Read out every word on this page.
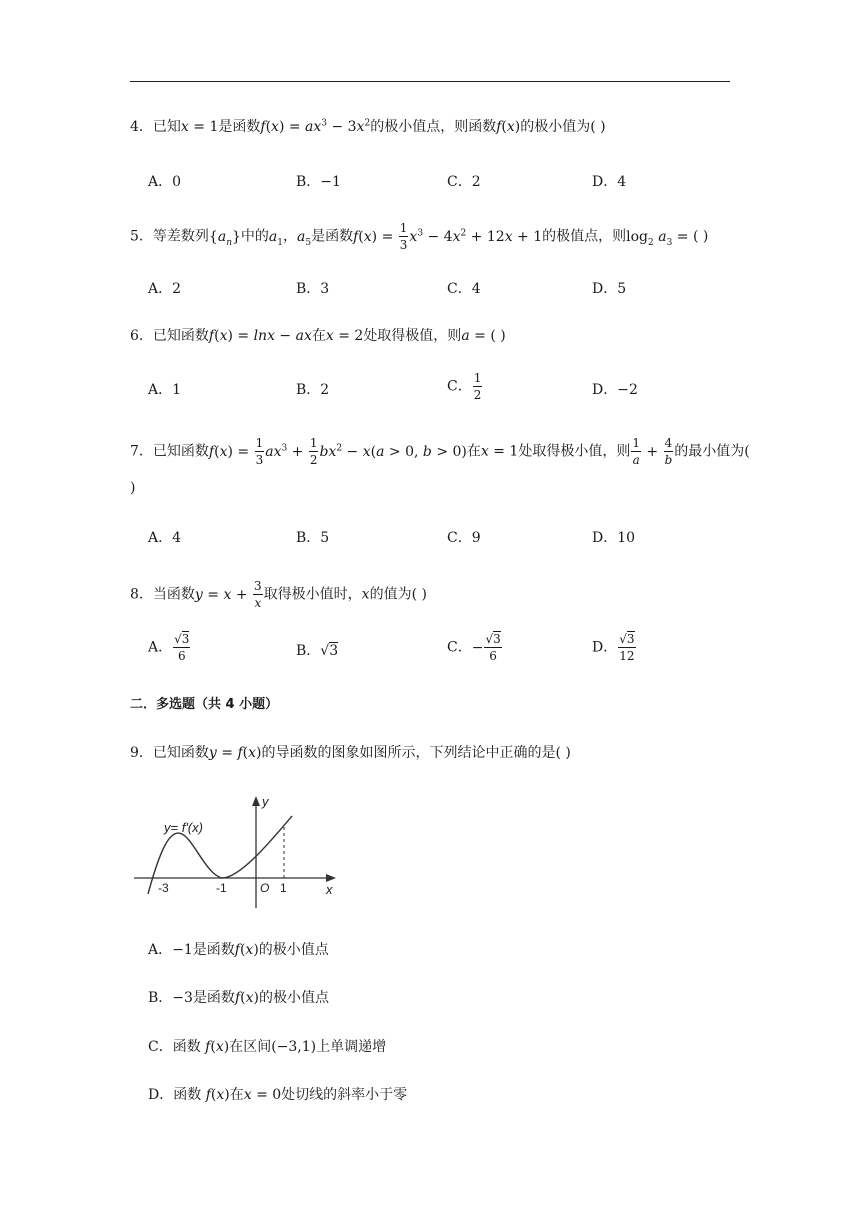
4．已知x = 1是函数$f(x) = ax^3 - 3x^2$的极小值点，则函数f(x)的极小值为( )
A．0	B．−1	C．2	D．4
5．等差数列$\{a_n\}$中的$a_1$，$a_5$是函数$f(x) = \frac{1}{3} x^3 - 4x^2 + 12x + 1$的极值点，则$\log_2 a_3$ = ( )
A．2	B．3	C．4	D．5
6．已知函数f(x) = lnx − ax在x = 2处取得极值，则a = ( )
A．1	B．2	C． $\frac{1}{2}$	D．−2
7．已知函数$f(x) = \frac{1}{3} ax^3 + \frac{1}{2} bx^2 - x(a > 0$, b > 0)在x = 1处取得极小值，则 $\frac{1}{a} + \frac{4}{b}$ 的最小值为(
)
A．4	B．5	C．9	D．10
8．当函数$y = x + \frac{3}{x}$ 取得极小值时，x的值为( )
A． $\frac{√3}{6}$	B．√3	C．− $\frac{√3}{6}$	D． $\frac{√3}{12}$
二．多选题（共 4 小题）
9．已知函数y = f(x)的导函数的图象如图所示，下列结论中正确的是( )
y= f'(x)
y
x
O
-3	-1	1
A．−1是函数f(x)的极小值点
B．−3是函数f(x)的极小值点
C．函数 f(x)在区间(−3,1)上单调递增
D．函数 f(x)在x = 0处切线的斜率小于零
